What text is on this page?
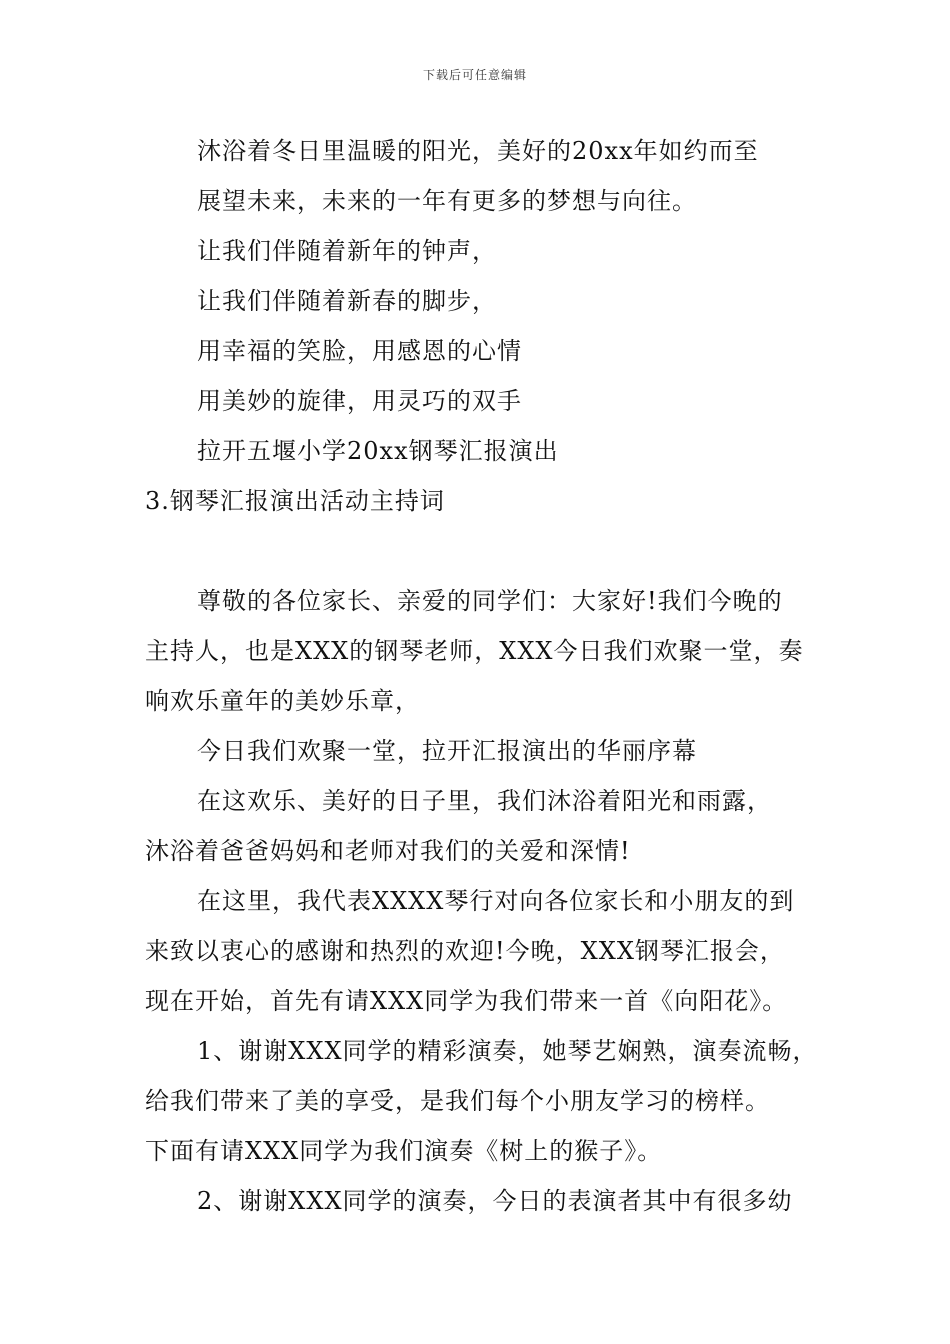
下载后可任意编辑
沐浴着冬日里温暖的阳光，美好的20xx年如约而至
展望未来，未来的一年有更多的梦想与向往。
让我们伴随着新年的钟声，
让我们伴随着新春的脚步，
用幸福的笑脸，用感恩的心情
用美妙的旋律，用灵巧的双手
拉开五堰小学20xx钢琴汇报演出
3.钢琴汇报演出活动主持词
尊敬的各位家长、亲爱的同学们：大家好!我们今晚的
主持人，也是XXX的钢琴老师，XXX今日我们欢聚一堂，奏
响欢乐童年的美妙乐章，
今日我们欢聚一堂，拉开汇报演出的华丽序幕
在这欢乐、美好的日子里，我们沐浴着阳光和雨露，
沐浴着爸爸妈妈和老师对我们的关爱和深情!
在这里，我代表XXXX琴行对向各位家长和小朋友的到
来致以衷心的感谢和热烈的欢迎!今晚，XXX钢琴汇报会，
现在开始，首先有请XXX同学为我们带来一首《向阳花》。
1、谢谢XXX同学的精彩演奏，她琴艺娴熟，演奏流畅，
给我们带来了美的享受，是我们每个小朋友学习的榜样。
下面有请XXX同学为我们演奏《树上的猴子》。
2、谢谢XXX同学的演奏，今日的表演者其中有很多幼
